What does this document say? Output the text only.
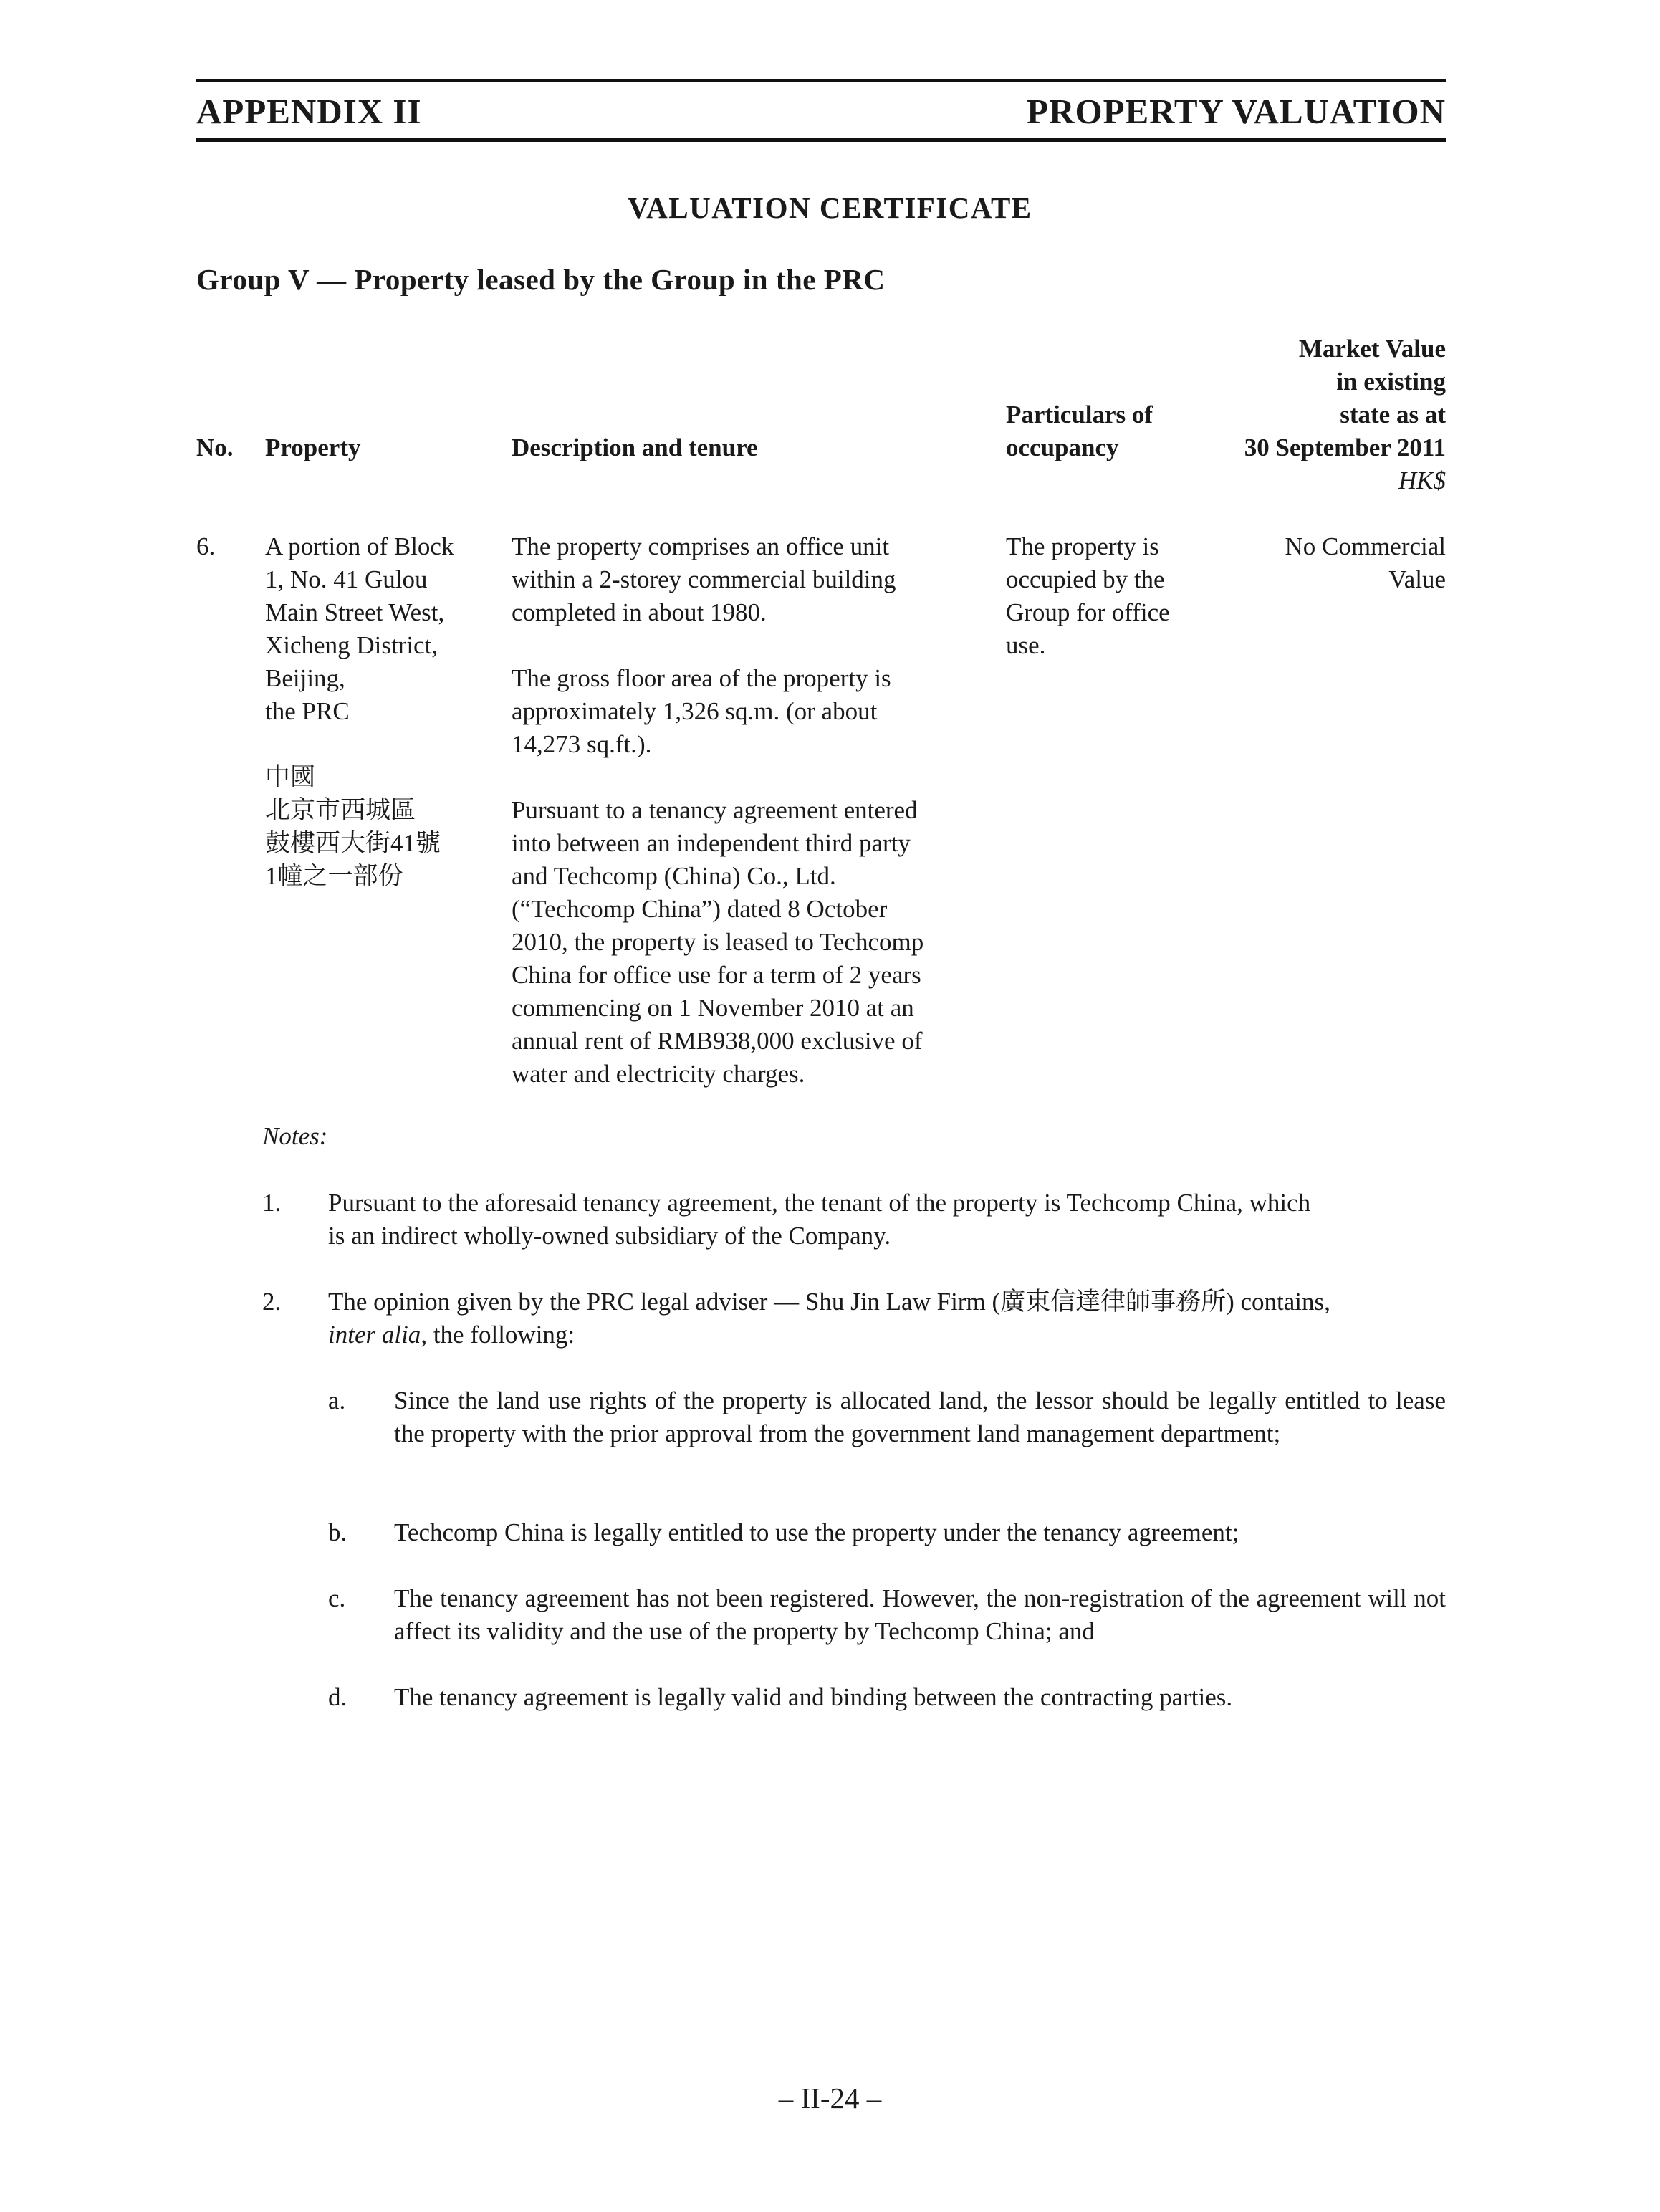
APPENDIX II	PROPERTY VALUATION
VALUATION CERTIFICATE
Group V — Property leased by the Group in the PRC
No. Property	Description and tenure
Particulars of
occupancy
Market Value
in existing
state as at
30 September 2011
HK$
6. A portion of Block
1, No. 41 Gulou
Main Street West,
Xicheng District,
Beijing,
the PRC
中國
北京市西城區
鼓樓西大街41號
1幢之一部份
The property comprises an office unit
within a 2-storey commercial building
completed in about 1980.
The gross floor area of the property is
approximately 1,326 sq.m. (or about
14,273 sq.ft.).
Pursuant to a tenancy agreement entered
into between an independent third party
and Techcomp (China) Co., Ltd.
(“Techcomp China”) dated 8 October
2010, the property is leased to Techcomp
China for office use for a term of 2 years
commencing on 1 November 2010 at an
annual rent of RMB938,000 exclusive of
water and electricity charges.
The property is
occupied by the
Group for office
use.
No Commercial
Value
Notes:
1. Pursuant to the aforesaid tenancy agreement, the tenant of the property is Techcomp China, which
is an indirect wholly-owned subsidiary of the Company.
2. The opinion given by the PRC legal adviser — Shu Jin Law Firm (廣東信達律師事務所) contains,
inter alia, the following:
a. Since the land use rights of the property is allocated land, the lessor should be legally entitled to lease the property with the prior approval from the government land management department;
b. Techcomp China is legally entitled to use the property under the tenancy agreement;
c. The tenancy agreement has not been registered. However, the non-registration of the agreement will not affect its validity and the use of the property by Techcomp China; and
d. The tenancy agreement is legally valid and binding between the contracting parties.
– II-24 –
